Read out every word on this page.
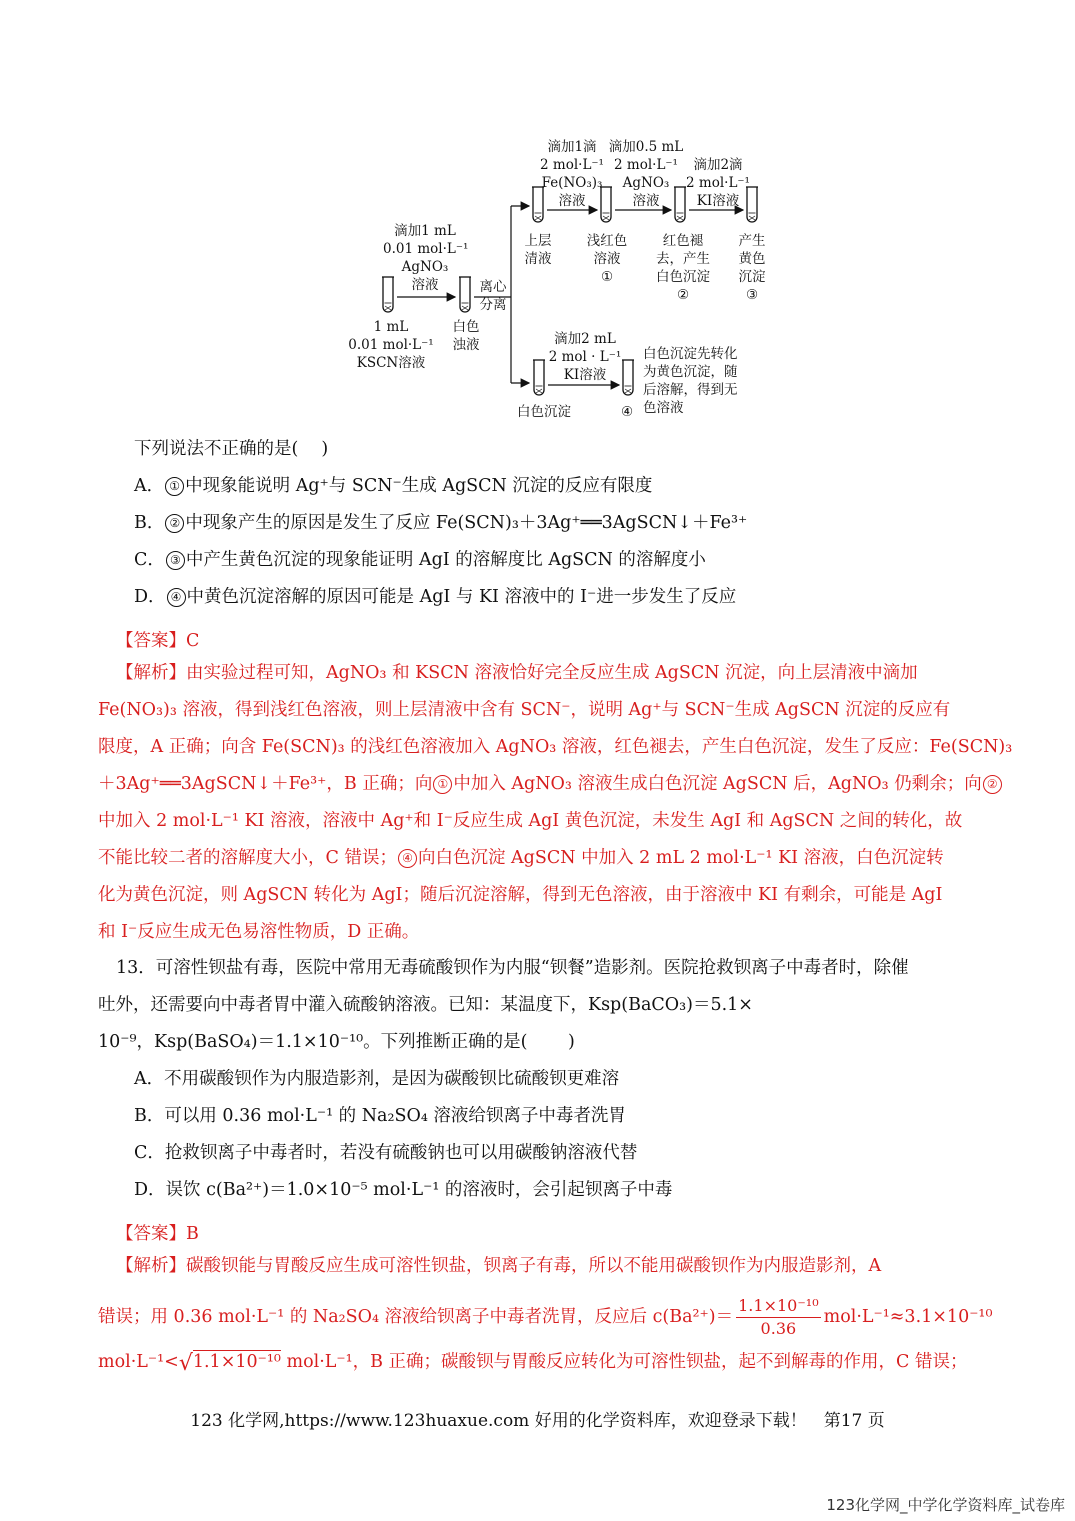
滴加1 mL
0.01 mol·L⁻¹
AgNO₃
溶液
1 mL
0.01 mol·L⁻¹
KSCN溶液
白色
浊液
离心
分离
上层
清液
滴加1滴
2 mol·L⁻¹
Fe(NO₃)₃
溶液
浅红色
溶液
①
滴加0.5 mL
2 mol·L⁻¹
AgNO₃
溶液
红色褪
去，产生
白色沉淀
②
滴加2滴
2 mol·L⁻¹
KI溶液
产生
黄色
沉淀
③
滴加2 mL
2 mol · L⁻¹
KI溶液
白色沉淀	④
白色沉淀先转化
为黄色沉淀，随
后溶解，得到无
色溶液
下列说法不正确的是(　 )
A． ① 中现象能说明 Ag⁺与 SCN⁻生成 AgSCN 沉淀的反应有限度
B． ② 中现象产生的原因是发生了反应 Fe(SCN)₃＋3Ag⁺══3AgSCN↓＋Fe³⁺
C． ③ 中产生黄色沉淀的现象能证明 AgI 的溶解度比 AgSCN 的溶解度小
D． ④ 中黄色沉淀溶解的原因可能是 AgI 与 KI 溶液中的 I⁻进一步发生了反应
【答案】C
【解析】由实验过程可知，AgNO₃ 和 KSCN 溶液恰好完全反应生成 AgSCN 沉淀，向上层清液中滴加
Fe(NO₃)₃ 溶液，得到浅红色溶液，则上层清液中含有 SCN⁻，说明 Ag⁺与 SCN⁻生成 AgSCN 沉淀的反应有
限度，A 正确；向含 Fe(SCN)₃ 的浅红色溶液加入 AgNO₃ 溶液，红色褪去，产生白色沉淀，发生了反应：Fe(SCN)₃
＋3Ag⁺══3AgSCN↓＋Fe³⁺，B 正确；向 ① 中加入 AgNO₃ 溶液生成白色沉淀 AgSCN 后，AgNO₃ 仍剩余；向 ②
中加入 2 mol·L⁻¹ KI 溶液，溶液中 Ag⁺和 I⁻反应生成 AgI 黄色沉淀，未发生 AgI 和 AgSCN 之间的转化，故
不能比较二者的溶解度大小，C 错误； ④ 向白色沉淀 AgSCN 中加入 2 mL 2 mol·L⁻¹ KI 溶液，白色沉淀转
化为黄色沉淀，则 AgSCN 转化为 AgI；随后沉淀溶解，得到无色溶液，由于溶液中 KI 有剩余，可能是 AgI
和 I⁻反应生成无色易溶性物质，D 正确。
13．可溶性钡盐有毒，医院中常用无毒硫酸钡作为内服“钡餐”造影剂。医院抢救钡离子中毒者时，除催
吐外，还需要向中毒者胃中灌入硫酸钠溶液。已知：某温度下，Ksp(BaCO₃)＝5.1×
10⁻⁹，Ksp(BaSO₄)＝1.1×10⁻¹⁰。下列推断正确的是(　　 )
A．不用碳酸钡作为内服造影剂，是因为碳酸钡比硫酸钡更难溶
B．可以用 0.36 mol·L⁻¹ 的 Na₂SO₄ 溶液给钡离子中毒者洗胃
C．抢救钡离子中毒者时，若没有硫酸钠也可以用碳酸钠溶液代替
D．误饮 c(Ba²⁺)＝1.0×10⁻⁵ mol·L⁻¹ 的溶液时，会引起钡离子中毒
【答案】B
【解析】碳酸钡能与胃酸反应生成可溶性钡盐，钡离子有毒，所以不能用碳酸钡作为内服造影剂，A
错误；用 0.36 mol·L⁻¹ 的 Na₂SO₄ 溶液给钡离子中毒者洗胃，反应后 $c(Ba^{2+})= \frac{\text{1.1×10⁻¹⁰}}{0.36} mol\cdot L^{-1}\approx 3.1\times 10^{-10}$
mol·L⁻¹<√1.1×10⁻¹⁰ mol·L⁻¹，B 正确；碳酸钡与胃酸反应转化为可溶性钡盐，起不到解毒的作用，C 错误；
123 化学网,https://www.123huaxue.com 好用的化学资料库，欢迎登录下载！　第17 页
123化学网_中学化学资料库_试卷库
